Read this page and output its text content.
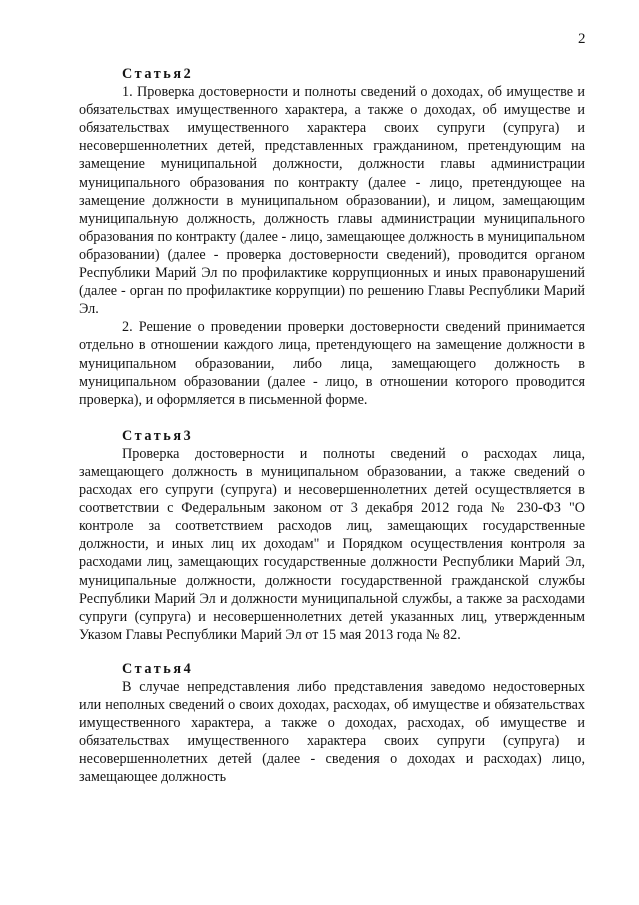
2

Статья2

1. Проверка достоверности и полноты сведений о доходах, об имуществе и обязательствах имущественного характера, а также о доходах, об имуществе и обязательствах имущественного характера своих супруги (супруга) и несовершеннолетних детей, представленных гражданином, претендующим на замещение муниципальной должности, должности главы администрации муниципального образования по контракту (далее - лицо, претендующее на замещение должности в муниципальном образовании), и лицом, замещающим муниципальную должность, должность главы администрации муниципального образования по контракту (далее - лицо, замещающее должность в муниципальном образовании) (далее - проверка достоверности сведений), проводится органом Республики Марий Эл по профилактике коррупционных и иных правонарушений (далее - орган по профилактике коррупции) по решению Главы Республики Марий Эл.

2. Решение о проведении проверки достоверности сведений принимается отдельно в отношении каждого лица, претендующего на замещение должности в муниципальном образовании, либо лица, замещающего должность в муниципальном образовании (далее - лицо, в отношении которого проводится проверка), и оформляется в письменной форме.

Статья3

Проверка достоверности и полноты сведений о расходах лица, замещающего должность в муниципальном образовании, а также сведений о расходах его супруги (супруга) и несовершеннолетних детей осуществляется в соответствии с Федеральным законом от 3 декабря 2012 года № 230-ФЗ "О контроле за соответствием расходов лиц, замещающих государственные должности, и иных лиц их доходам" и Порядком осуществления контроля за расходами лиц, замещающих государственные должности Республики Марий Эл, муниципальные должности, должности государственной гражданской службы Республики Марий Эл и должности муниципальной службы, а также за расходами супруги (супруга) и несовершеннолетних детей указанных лиц, утвержденным Указом Главы Республики Марий Эл от 15 мая 2013 года № 82.

Статья4

В случае непредставления либо представления заведомо недостоверных или неполных сведений о своих доходах, расходах, об имуществе и обязательствах имущественного характера, а также о доходах, расходах, об имуществе и обязательствах имущественного характера своих супруги (супруга) и несовершеннолетних детей (далее - сведения о доходах и расходах) лицо, замещающее должность
